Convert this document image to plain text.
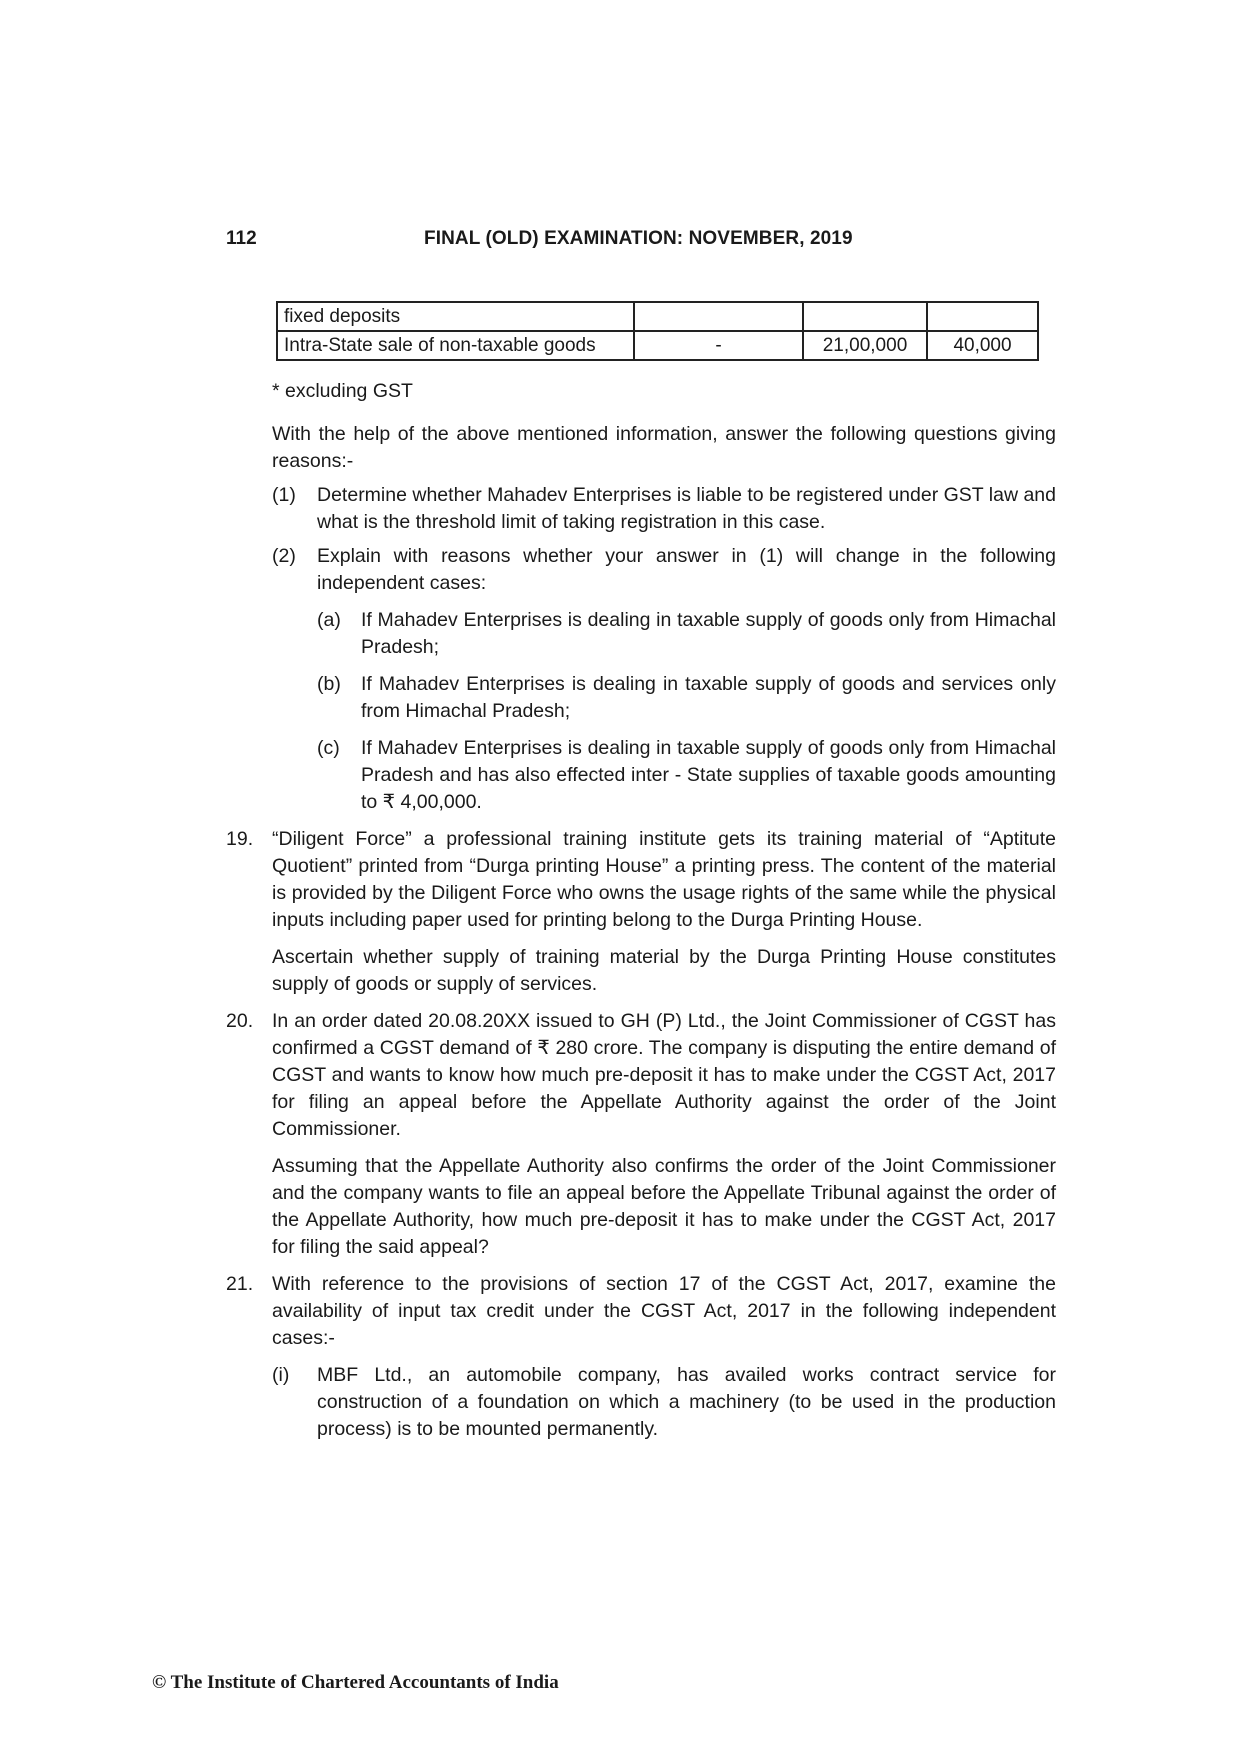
112	FINAL (OLD) EXAMINATION: NOVEMBER, 2019
fixed deposits			
Intra-State sale of non-taxable goods	-	21,00,000	40,000
* excluding GST
With the help of the above mentioned information, answer the following questions giving reasons:-
(1) Determine whether Mahadev Enterprises is liable to be registered under GST law and what is the threshold limit of taking registration in this case.
(2) Explain with reasons whether your answer in (1) will change in the following independent cases:
(a) If Mahadev Enterprises is dealing in taxable supply of goods only from Himachal Pradesh;
(b) If Mahadev Enterprises is dealing in taxable supply of goods and services only from Himachal Pradesh;
(c) If Mahadev Enterprises is dealing in taxable supply of goods only from Himachal Pradesh and has also effected inter - State supplies of taxable goods amounting to ₹ 4,00,000.
19. “Diligent Force” a professional training institute gets its training material of “Aptitute Quotient” printed from “Durga printing House” a printing press. The content of the material is provided by the Diligent Force who owns the usage rights of the same while the physical inputs including paper used for printing belong to the Durga Printing House.
Ascertain whether supply of training material by the Durga Printing House constitutes supply of goods or supply of services.
20. In an order dated 20.08.20XX issued to GH (P) Ltd., the Joint Commissioner of CGST has confirmed a CGST demand of ₹ 280 crore. The company is disputing the entire demand of CGST and wants to know how much pre-deposit it has to make under the CGST Act, 2017 for filing an appeal before the Appellate Authority against the order of the Joint Commissioner.
Assuming that the Appellate Authority also confirms the order of the Joint Commissioner and the company wants to file an appeal before the Appellate Tribunal against the order of the Appellate Authority, how much pre-deposit it has to make under the CGST Act, 2017 for filing the said appeal?
21. With reference to the provisions of section 17 of the CGST Act, 2017, examine the availability of input tax credit under the CGST Act, 2017 in the following independent cases:-
(i) MBF Ltd., an automobile company, has availed works contract service for construction of a foundation on which a machinery (to be used in the production process) is to be mounted permanently.
© The Institute of Chartered Accountants of India
